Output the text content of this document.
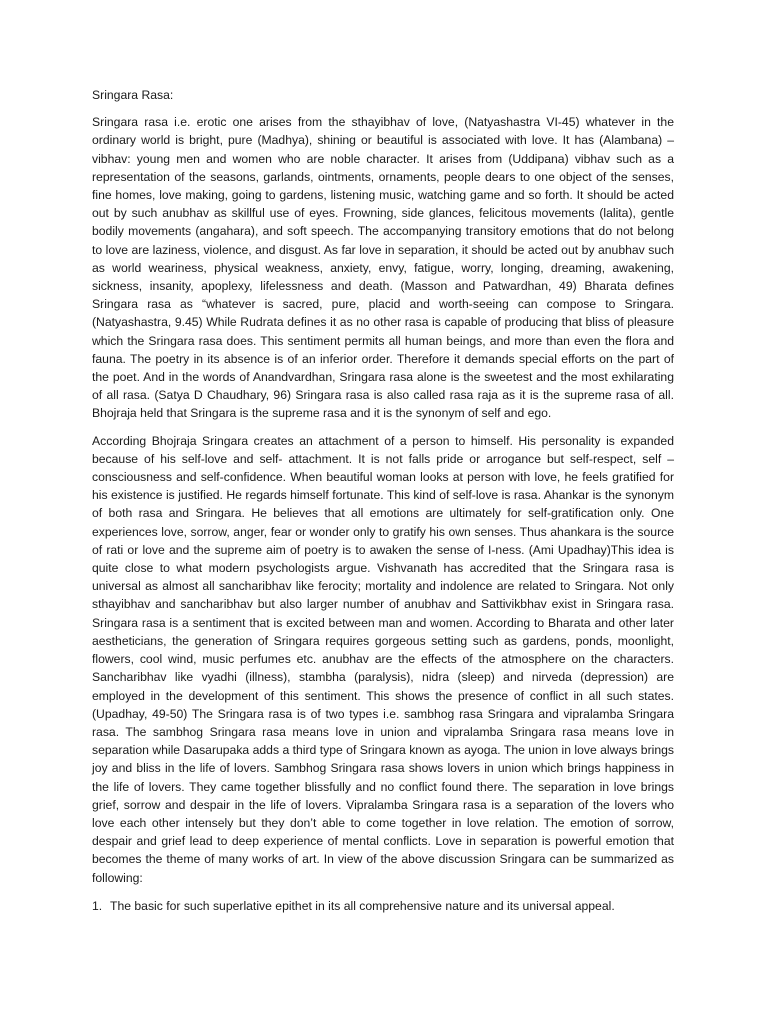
Sringara Rasa:

Sringara rasa i.e. erotic one arises from the sthayibhav of love, (Natyashastra VI-45) whatever in the ordinary world is bright, pure (Madhya), shining or beautiful is associated with love. It has (Alambana) –vibhav: young men and women who are noble character. It arises from (Uddipana) vibhav such as a representation of the seasons, garlands, ointments, ornaments, people dears to one object of the senses, fine homes, love making, going to gardens, listening music, watching game and so forth. It should be acted out by such anubhav as skillful use of eyes. Frowning, side glances, felicitous movements (lalita), gentle bodily movements (angahara), and soft speech. The accompanying transitory emotions that do not belong to love are laziness, violence, and disgust. As far love in separation, it should be acted out by anubhav such as world weariness, physical weakness, anxiety, envy, fatigue, worry, longing, dreaming, awakening, sickness, insanity, apoplexy, lifelessness and death. (Masson and Patwardhan, 49) Bharata defines Sringara rasa as “whatever is sacred, pure, placid and worth-seeing can compose to Sringara. (Natyashastra, 9.45) While Rudrata defines it as no other rasa is capable of producing that bliss of pleasure which the Sringara rasa does. This sentiment permits all human beings, and more than even the flora and fauna. The poetry in its absence is of an inferior order. Therefore it demands special efforts on the part of the poet. And in the words of Anandvardhan, Sringara rasa alone is the sweetest and the most exhilarating of all rasa. (Satya D Chaudhary, 96) Sringara rasa is also called rasa raja as it is the supreme rasa of all. Bhojraja held that Sringara is the supreme rasa and it is the synonym of self and ego.

According Bhojraja Sringara creates an attachment of a person to himself. His personality is expanded because of his self-love and self- attachment. It is not falls pride or arrogance but self-respect, self –consciousness and self-confidence. When beautiful woman looks at person with love, he feels gratified for his existence is justified. He regards himself fortunate. This kind of self-love is rasa. Ahankar is the synonym of both rasa and Sringara. He believes that all emotions are ultimately for self-gratification only. One experiences love, sorrow, anger, fear or wonder only to gratify his own senses. Thus ahankara is the source of rati or love and the supreme aim of poetry is to awaken the sense of I-ness. (Ami Upadhay)This idea is quite close to what modern psychologists argue. Vishvanath has accredited that the Sringara rasa is universal as almost all sancharibhav like ferocity; mortality and indolence are related to Sringara. Not only sthayibhav and sancharibhav but also larger number of anubhav and Sattivikbhav exist in Sringara rasa. Sringara rasa is a sentiment that is excited between man and women. According to Bharata and other later aestheticians, the generation of Sringara requires gorgeous setting such as gardens, ponds, moonlight, flowers, cool wind, music perfumes etc. anubhav are the effects of the atmosphere on the characters. Sancharibhav like vyadhi (illness), stambha (paralysis), nidra (sleep) and nirveda (depression) are employed in the development of this sentiment. This shows the presence of conflict in all such states. (Upadhay, 49-50) The Sringara rasa is of two types i.e. sambhog rasa Sringara and vipralamba Sringara rasa. The sambhog Sringara rasa means love in union and vipralamba Sringara rasa means love in separation while Dasarupaka adds a third type of Sringara known as ayoga. The union in love always brings joy and bliss in the life of lovers. Sambhog Sringara rasa shows lovers in union which brings happiness in the life of lovers. They came together blissfully and no conflict found there. The separation in love brings grief, sorrow and despair in the life of lovers. Vipralamba Sringara rasa is a separation of the lovers who love each other intensely but they don’t able to come together in love relation. The emotion of sorrow, despair and grief lead to deep experience of mental conflicts. Love in separation is powerful emotion that becomes the theme of many works of art. In view of the above discussion Sringara can be summarized as following:

1. The basic for such superlative epithet in its all comprehensive nature and its universal appeal.
